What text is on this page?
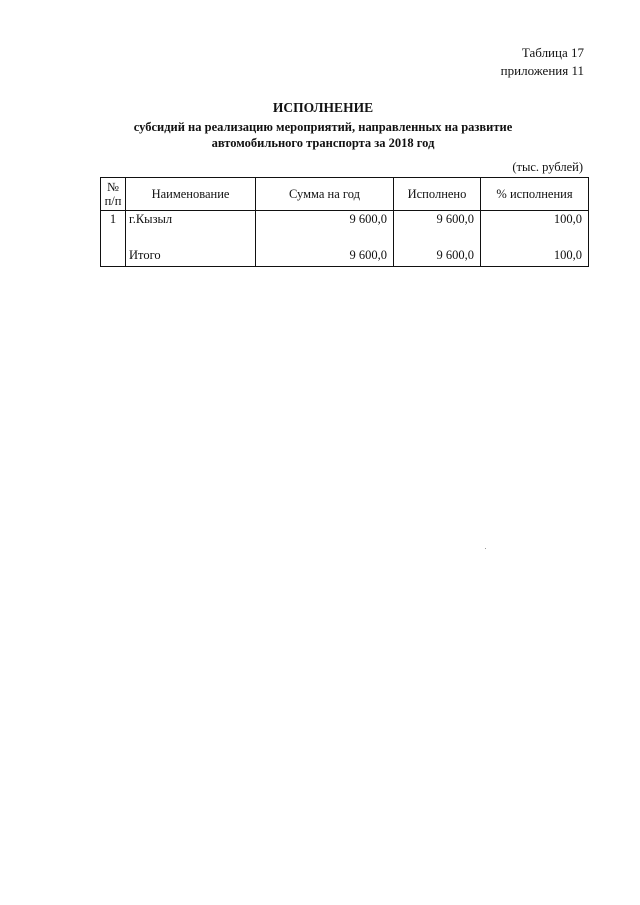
Таблица 17
приложения 11
ИСПОЛНЕНИЕ
субсидий на реализацию мероприятий, направленных на развитие
автомобильного транспорта за 2018 год
(тыс. рублей)
№
п/п	Наименование	Сумма на год	Исполнено	% исполнения
1	г.Кызыл	9 600,0	9 600,0	100,0
	Итого	9 600,0	9 600,0	100,0
